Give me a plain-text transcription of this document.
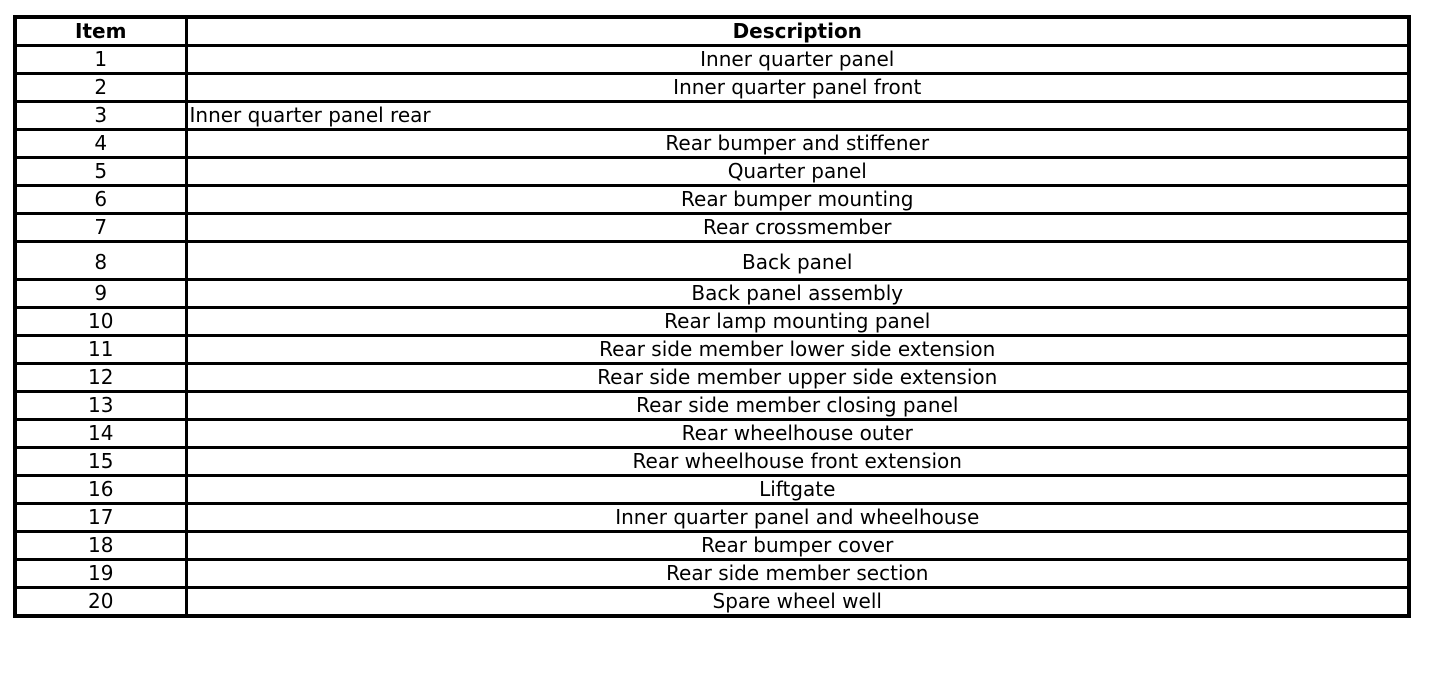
Item	Description
1	Inner quarter panel
2	Inner quarter panel front
3	Inner quarter panel rear
4	Rear bumper and stiffener
5	Quarter panel
6	Rear bumper mounting
7	Rear crossmember
8	Back panel
9	Back panel assembly
10	Rear lamp mounting panel
11	Rear side member lower side extension
12	Rear side member upper side extension
13	Rear side member closing panel
14	Rear wheelhouse outer
15	Rear wheelhouse front extension
16	Liftgate
17	Inner quarter panel and wheelhouse
18	Rear bumper cover
19	Rear side member section
20	Spare wheel well
